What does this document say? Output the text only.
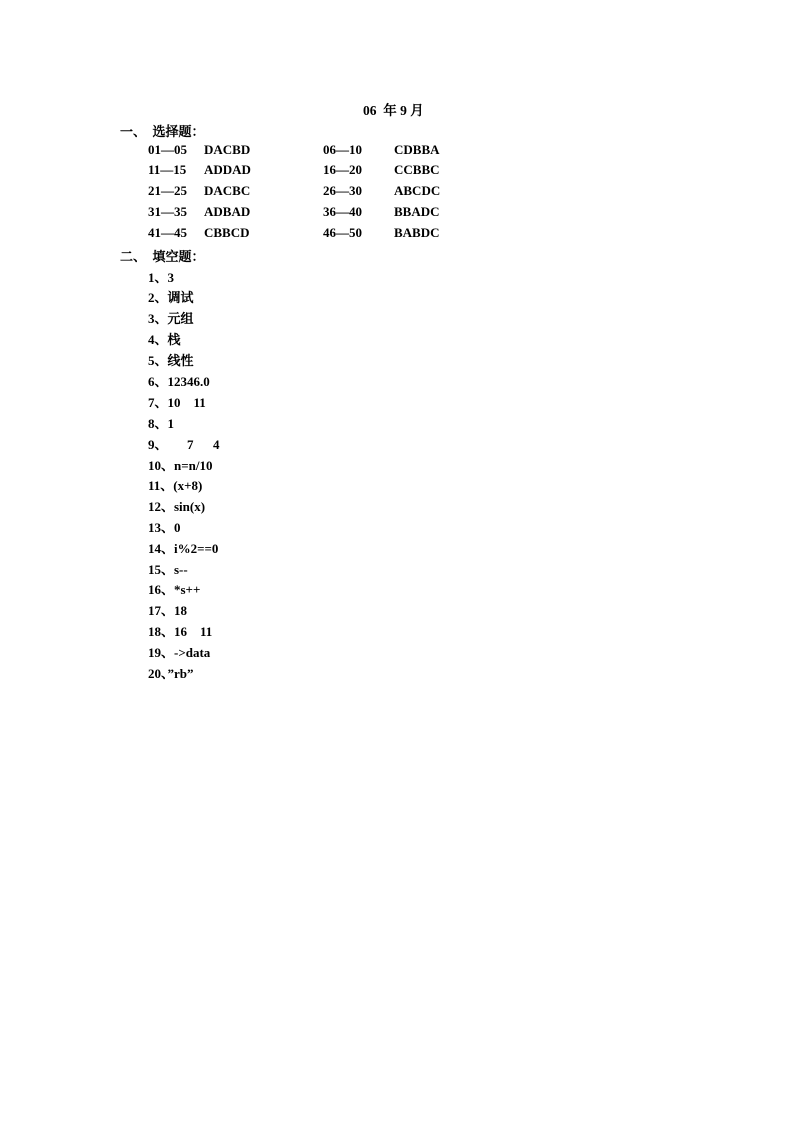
06  年 9 月
一、  选择题：
01—05 DACBD	06—10 CDBBA
11—15 ADDAD	16—20 CCBBC
21—25 DACBC	26—30 ABCDC
31—35 ADBAD	36—40 BBADC
41—45 CBBCD	46—50 BABDC
二、  填空题：
1、3
2、调试
3、元组
4、栈
5、线性
6、12346.0
7、10    11
8、1
9、      7      4
10、n=n/10
11、(x+8)
12、sin(x)
13、0
14、i%2==0
15、s--
16、*s++
17、18
18、16    11
19、->data
20、”rb”
